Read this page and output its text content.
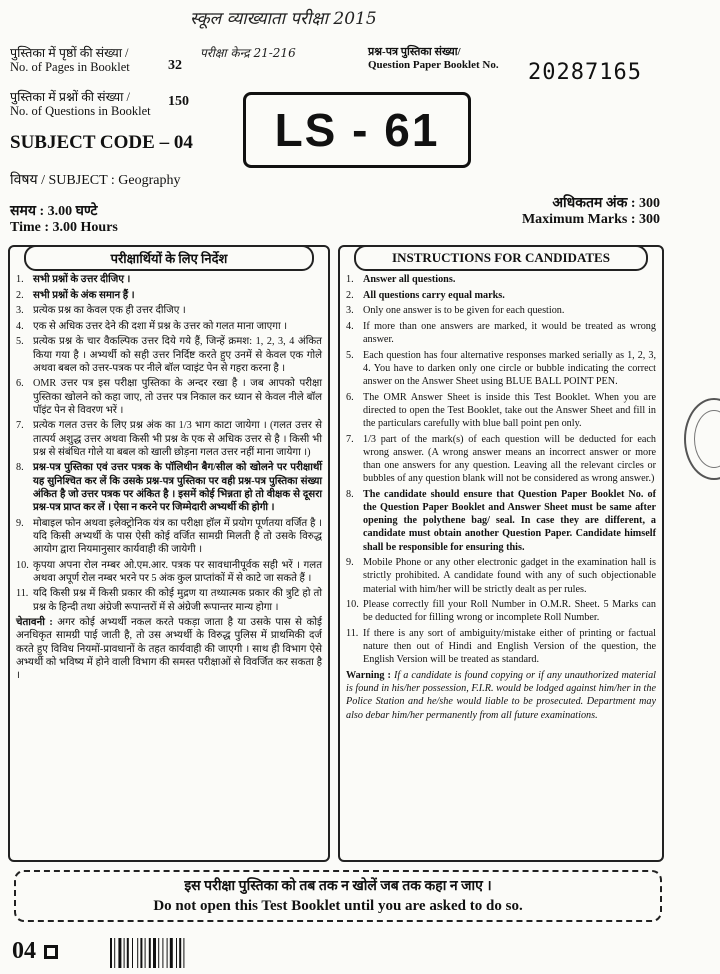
स्कूल व्याख्याता परीक्षा 2015
परीक्षा केन्द्र 21-216
पुस्तिका में पृष्ठों की संख्या /
No. of Pages in Booklet	32
पुस्तिका में प्रश्नों की संख्या /
No. of Questions in Booklet
150
प्रश्न-पत्र पुस्तिका संख्या/
Question Paper Booklet No. 20287165
LS - 61
SUBJECT CODE – 04
विषय / SUBJECT : Geography
समय : 3.00 घण्टे
Time : 3.00 Hours
अधिकतम अंक : 300
Maximum Marks : 300
परीक्षार्थियों के लिए निर्देश
1. सभी प्रश्नों के उत्तर दीजिए ।
2. सभी प्रश्नों के अंक समान हैं ।
3. प्रत्येक प्रश्न का केवल एक ही उत्तर दीजिए ।
4. एक से अधिक उत्तर देने की दशा में प्रश्न के उत्तर को गलत माना जाएगा ।
5. प्रत्येक प्रश्न के चार वैकल्पिक उत्तर दिये गये हैं, जिन्हें क्रमश: 1, 2, 3, 4 अंकित किया गया है । अभ्यर्थी को सही उत्तर निर्दिष्ट करते हुए उनमें से केवल एक गोले अथवा बबल को उत्तर-पत्रक पर नीले बॉल प्वाइंट पेन से गहरा करना है ।
6. OMR उत्तर पत्र इस परीक्षा पुस्तिका के अन्दर रखा है । जब आपको परीक्षा पुस्तिका खोलने को कहा जाए, तो उत्तर पत्र निकाल कर ध्यान से केवल नीले बॉल पॉइंट पेन से विवरण भरें ।
7. प्रत्येक गलत उत्तर के लिए प्रश्न अंक का 1/3 भाग काटा जायेगा । (गलत उत्तर से तात्पर्य अशुद्ध उत्तर अथवा किसी भी प्रश्न के एक से अधिक उत्तर से है । किसी भी प्रश्न से संबंधित गोले या बबल को खाली छोड़ना गलत उत्तर नहीं माना जायेगा ।)
8. प्रश्न-पत्र पुस्तिका एवं उत्तर पत्रक के पॉलिथीन बैग/सील को खोलने पर परीक्षार्थी यह सुनिश्चित कर लें कि उसके प्रश्न-पत्र पुस्तिका पर वही प्रश्न-पत्र पुस्तिका संख्या अंकित है जो उत्तर पत्रक पर अंकित है । इसमें कोई भिन्नता हो तो वीक्षक से दूसरा प्रश्न-पत्र प्राप्त कर लें । ऐसा न करने पर जिम्मेदारी अभ्यर्थी की होगी ।
9. मोबाइल फोन अथवा इलेक्ट्रोनिक यंत्र का परीक्षा हॉल में प्रयोग पूर्णतया वर्जित है । यदि किसी अभ्यर्थी के पास ऐसी कोई वर्जित सामग्री मिलती है तो उसके विरुद्ध आयोग द्वारा नियमानुसार कार्यवाही की जायेगी ।
10. कृपया अपना रोल नम्बर ओ.एम.आर. पत्रक पर सावधानीपूर्वक सही भरें । गलत अथवा अपूर्ण रोल नम्बर भरने पर 5 अंक कुल प्राप्तांकों में से काटे जा सकते हैं ।
11. यदि किसी प्रश्न में किसी प्रकार की कोई मुद्रण या तथ्यात्मक प्रकार की त्रुटि हो तो प्रश्न के हिन्दी तथा अंग्रेजी रूपान्तरों में से अंग्रेजी रूपान्तर मान्य होगा ।
चेतावनी : अगर कोई अभ्यर्थी नकल करते पकड़ा जाता है या उसके पास से कोई अनधिकृत सामग्री पाई जाती है, तो उस अभ्यर्थी के विरुद्ध पुलिस में प्राथमिकी दर्ज करते हुए विविध नियमों-प्रावधानों के तहत कार्यवाही की जाएगी । साथ ही विभाग ऐसे अभ्यर्थी को भविष्य में होने वाली विभाग की समस्त परीक्षाओं से विवर्जित कर सकता है ।
INSTRUCTIONS FOR CANDIDATES
1. Answer all questions.
2. All questions carry equal marks.
3. Only one answer is to be given for each question.
4. If more than one answers are marked, it would be treated as wrong answer.
5. Each question has four alternative responses marked serially as 1, 2, 3, 4. You have to darken only one circle or bubble indicating the correct answer on the Answer Sheet using BLUE BALL POINT PEN.
6. The OMR Answer Sheet is inside this Test Booklet. When you are directed to open the Test Booklet, take out the Answer Sheet and fill in the particulars carefully with blue ball point pen only.
7. 1/3 part of the mark(s) of each question will be deducted for each wrong answer. (A wrong answer means an incorrect answer or more than one answers for any question. Leaving all the relevant circles or bubbles of any question blank will not be considered as wrong answer.)
8. The candidate should ensure that Question Paper Booklet No. of the Question Paper Booklet and Answer Sheet must be same after opening the polythene bag/ seal. In case they are different, a candidate must obtain another Question Paper. Candidate himself shall be responsible for ensuring this.
9. Mobile Phone or any other electronic gadget in the examination hall is strictly prohibited. A candidate found with any of such objectionable material with him/her will be strictly dealt as per rules.
10. Please correctly fill your Roll Number in O.M.R. Sheet. 5 Marks can be deducted for filling wrong or incomplete Roll Number.
11. If there is any sort of ambiguity/mistake either of printing or factual nature then out of Hindi and English Version of the question, the English Version will be treated as standard.
Warning : If a candidate is found copying or if any unauthorized material is found in his/her possession, F.I.R. would be lodged against him/her in the Police Station and he/she would liable to be prosecuted. Department may also debar him/her permanently from all future examinations.
इस परीक्षा पुस्तिका को तब तक न खोलें जब तक कहा न जाए ।
Do not open this Test Booklet until you are asked to do so.
04
